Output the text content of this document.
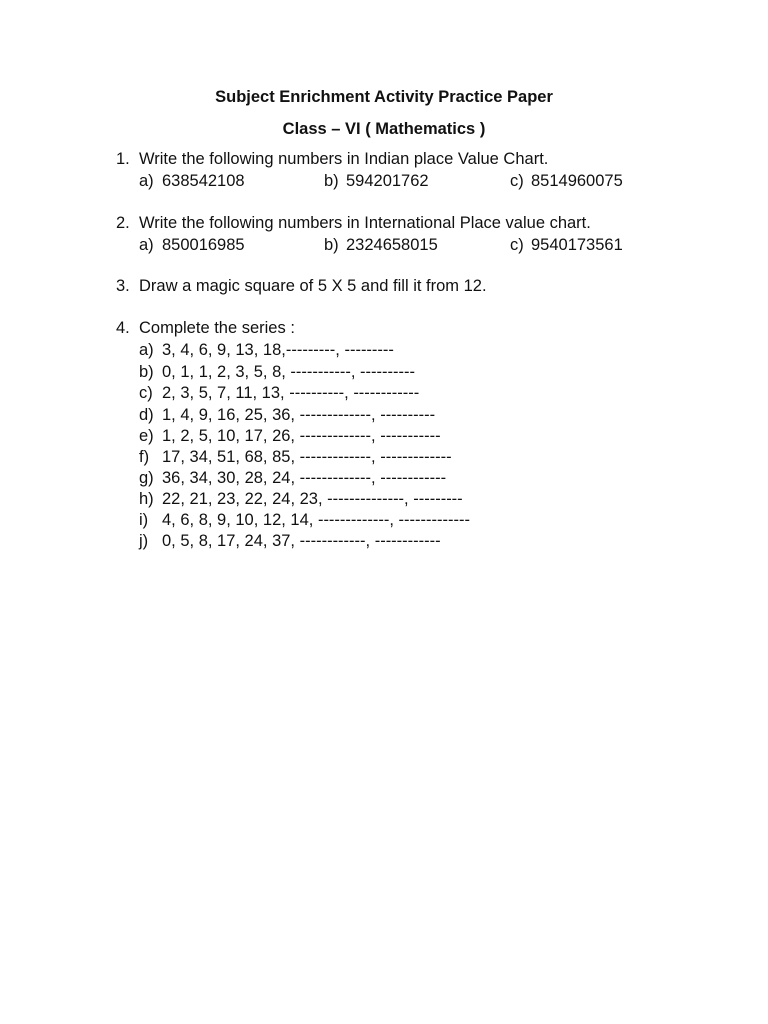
Subject Enrichment Activity Practice Paper
Class – VI ( Mathematics )
1. Write the following numbers in Indian place Value Chart.
a) 638542108	b) 594201762	c) 8514960075
2. Write the following numbers in International Place value chart.
a) 850016985	b) 2324658015	c) 9540173561
3. Draw a magic square of 5 X 5 and fill it from 12.
4. Complete the series :
a) 3, 4, 6, 9, 13, 18,---------, ---------
b) 0, 1, 1, 2, 3, 5, 8, -----------, ----------
c) 2, 3, 5, 7, 11, 13, ----------, ------------
d) 1, 4, 9, 16, 25, 36, -------------, ----------
e) 1, 2, 5, 10, 17, 26, -------------, -----------
f) 17, 34, 51, 68, 85, -------------, -------------
g) 36, 34, 30, 28, 24, -------------, ------------
h) 22, 21, 23, 22, 24, 23, --------------, ---------
i) 4, 6, 8, 9, 10, 12, 14, -------------, -------------
j) 0, 5, 8, 17, 24, 37, ------------, ------------
